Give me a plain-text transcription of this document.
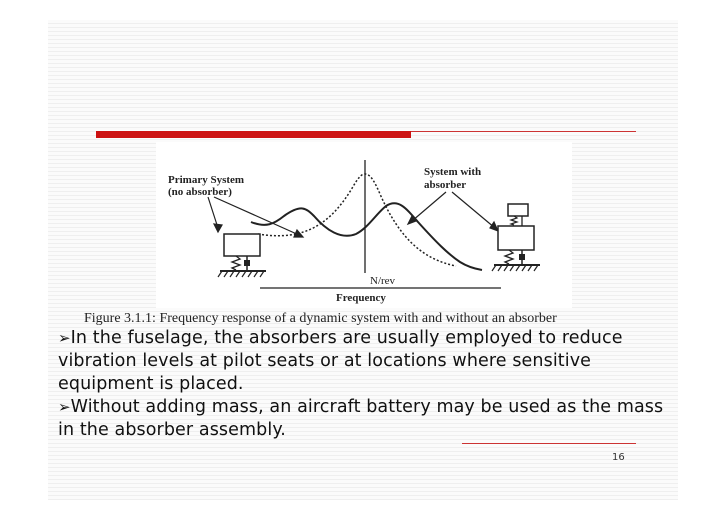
Primary System
(no absorber)
System with
absorber
N/rev
Frequency
Figure 3.1.1: Frequency response of a dynamic system with and without an absorber

➢In the fuselage, the absorbers are usually employed to reduce vibration levels at pilot seats or at locations where sensitive equipment is placed.

➢Without adding mass, an aircraft battery may be used as the mass in the absorber assembly.

16
